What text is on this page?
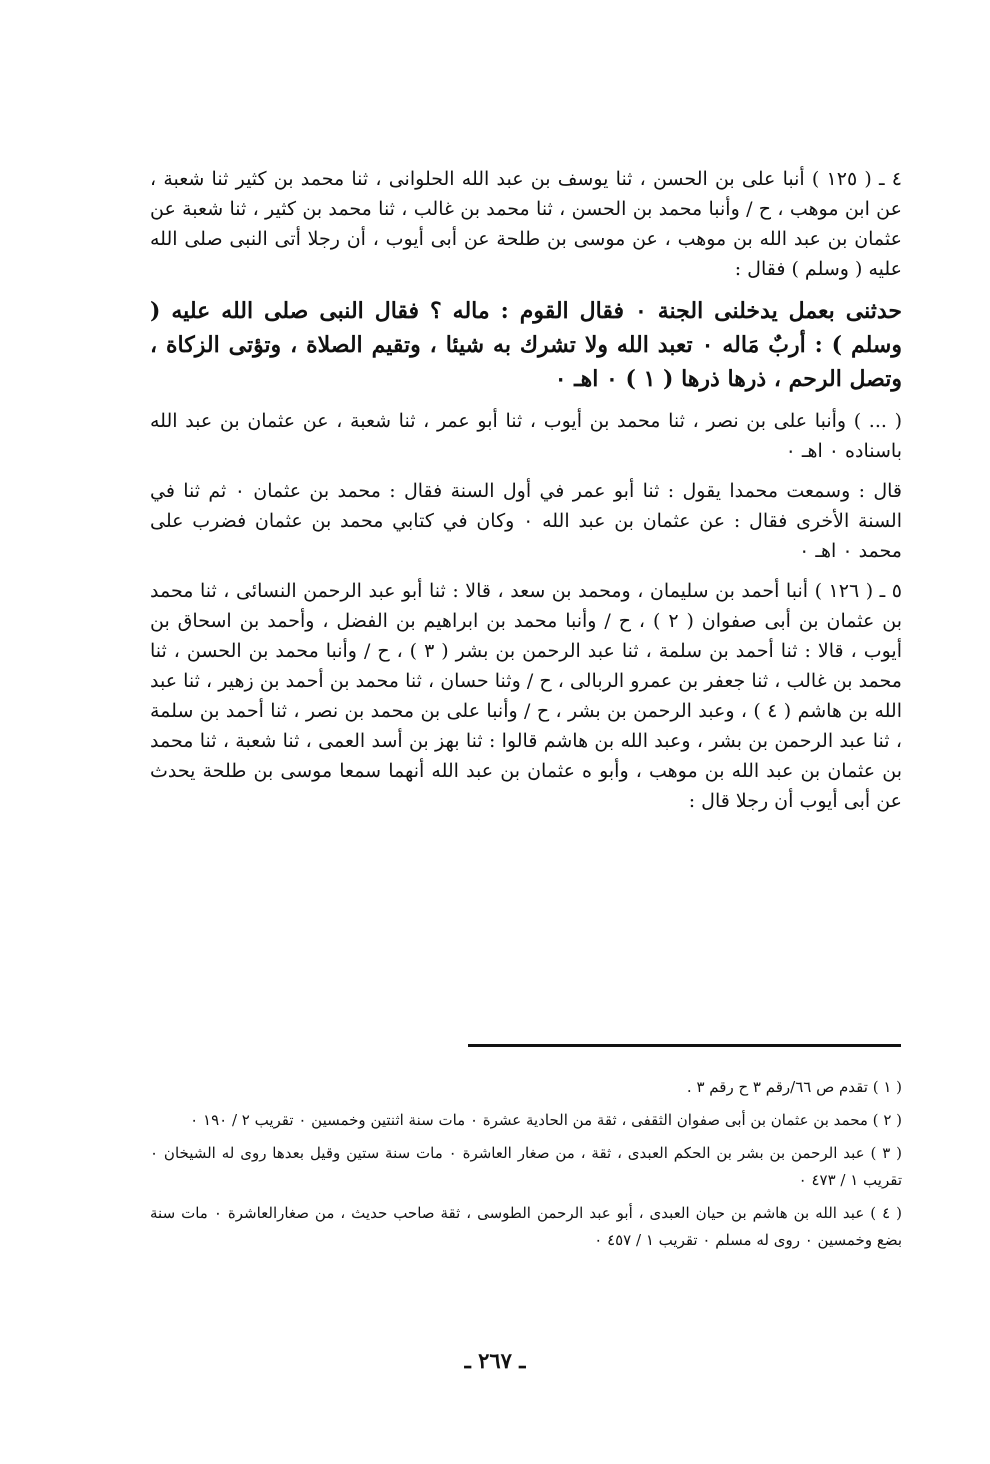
٤ ـ ( ١٢٥ ) أنبا على بن الحسن ، ثنا يوسف بن عبد الله الحلوانى ، ثنا محمد بن كثير ثنا شعبة ، عن ابن موهب ، ح / وأنبا محمد بن الحسن ، ثنا محمد بن غالب ، ثنا محمد بن كثير ، ثنا شعبة عن عثمان بن عبد الله بن موهب ، عن موسى بن طلحة عن أبى أيوب ، أن رجلا أتى النبى صلى الله عليه ( وسلم ) فقال :

حدثنى بعمل يدخلنى الجنة ٠ فقال القوم : ماله ؟ فقال النبى صلى الله عليه ( وسلم ) : أربٌ مَاله ٠ تعبد الله ولا تشرك به شيئا ، وتقيم الصلاة ، وتؤتى الزكاة ، وتصل الرحم ، ذرها ذرها ( ١ ) ٠ اهـ ٠

( ... ) وأنبا على بن نصر ، ثنا محمد بن أيوب ، ثنا أبو عمر ، ثنا شعبة ، عن عثمان بن عبد الله باسناده ٠ اهـ ٠

قال : وسمعت محمدا يقول : ثنا أبو عمر في أول السنة فقال : محمد بن عثمان ٠ ثم ثنا في السنة الأخرى فقال : عن عثمان بن عبد الله ٠ وكان في كتابي محمد بن عثمان فضرب على محمد ٠ اهـ ٠

٥ ـ ( ١٢٦ ) أنبا أحمد بن سليمان ، ومحمد بن سعد ، قالا : ثنا أبو عبد الرحمن النسائى ، ثنا محمد بن عثمان بن أبى صفوان ( ٢ ) ، ح / وأنبا محمد بن ابراهيم بن الفضل ، وأحمد بن اسحاق بن أيوب ، قالا : ثنا أحمد بن سلمة ، ثنا عبد الرحمن بن بشر ( ٣ ) ، ح / وأنبا محمد بن الحسن ، ثنا محمد بن غالب ، ثنا جعفر بن عمرو الربالى ، ح / وثنا حسان ، ثنا محمد بن أحمد بن زهير ، ثنا عبد الله بن هاشم ( ٤ ) ، وعبد الرحمن بن بشر ، ح / وأنبا على بن محمد بن نصر ، ثنا أحمد بن سلمة ، ثنا عبد الرحمن بن بشر ، وعبد الله بن هاشم قالوا : ثنا بهز بن أسد العمى ، ثنا شعبة ، ثنا محمد بن عثمان بن عبد الله بن موهب ، وأبو ه عثمان بن عبد الله أنهما سمعا موسى بن طلحة يحدث عن أبى أيوب أن رجلا قال :

( ١ ) تقدم ص ٦٦/رقم ٣ ح رقم ٣ .

( ٢ ) محمد بن عثمان بن أبى صفوان الثقفى ، ثقة من الحادية عشرة ٠ مات سنة اثنتين وخمسين ٠ تقريب ٢ / ١٩٠ ٠

( ٣ ) عبد الرحمن بن بشر بن الحكم العبدى ، ثقة ، من صغار العاشرة ٠ مات سنة ستين وقيل بعدها روى له الشيخان ٠ تقريب ١ / ٤٧٣ ٠

( ٤ ) عبد الله بن هاشم بن حيان العبدى ، أبو عبد الرحمن الطوسى ، ثقة صاحب حديث ، من صغارالعاشرة ٠ مات سنة بضع وخمسين ٠ روى له مسلم ٠ تقريب ١ / ٤٥٧ ٠

ـ ٢٦٧ ـ
